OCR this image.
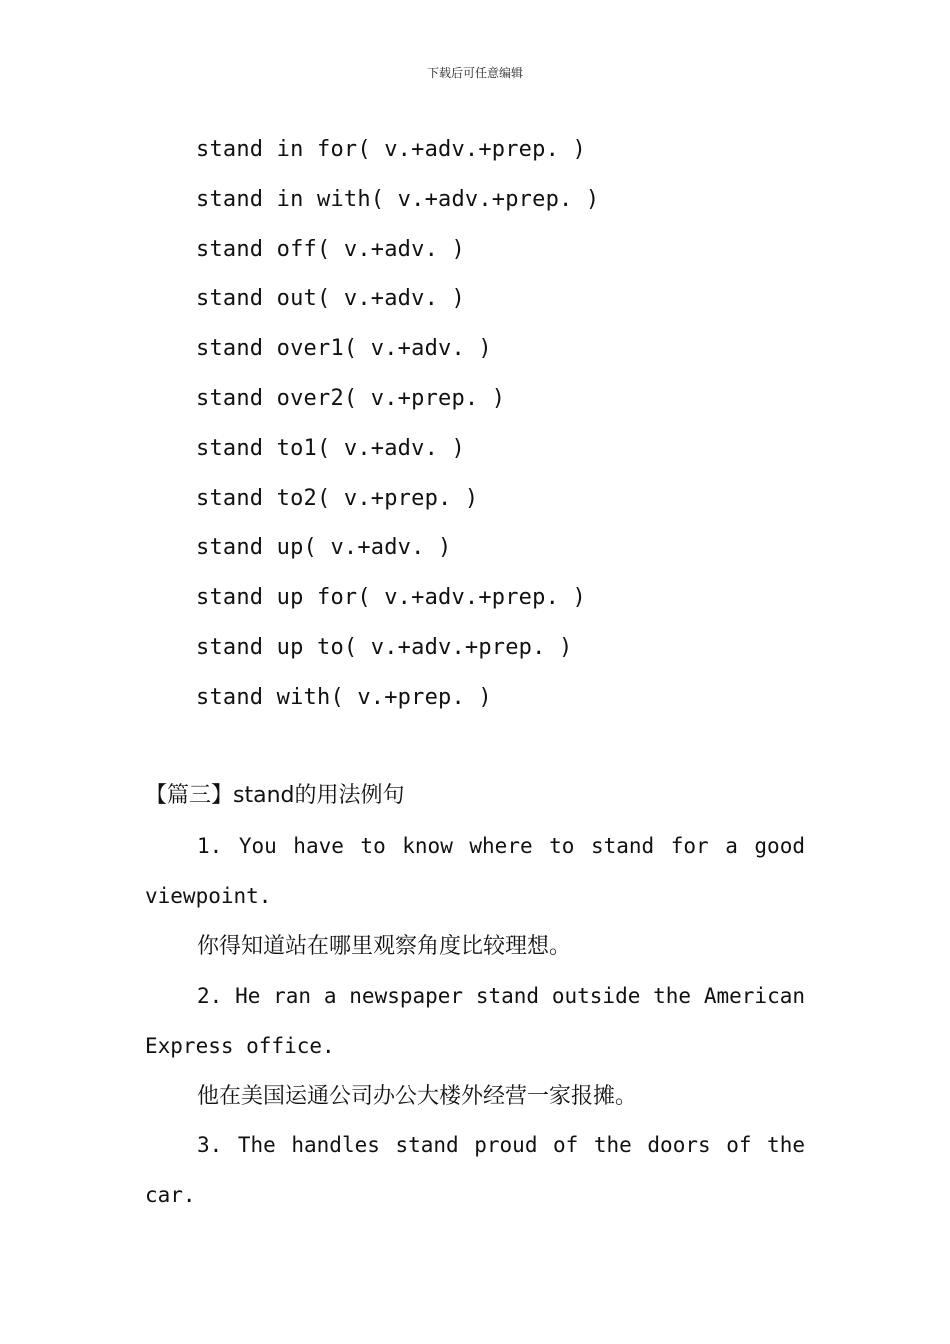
下载后可任意编辑
stand in for( v.+adv.+prep. )
stand in with( v.+adv.+prep. )
stand off( v.+adv. )
stand out( v.+adv. )
stand over1( v.+adv. )
stand over2( v.+prep. )
stand to1( v.+adv. )
stand to2( v.+prep. )
stand up( v.+adv. )
stand up for( v.+adv.+prep. )
stand up to( v.+adv.+prep. )
stand with( v.+prep. )
【篇三】stand的用法例句

1. You have to know where to stand for a good viewpoint.

你得知道站在哪里观察角度比较理想。

2. He ran a newspaper stand outside the American Express office.

他在美国运通公司办公大楼外经营一家报摊。

3. The handles stand proud of the doors of the car.
